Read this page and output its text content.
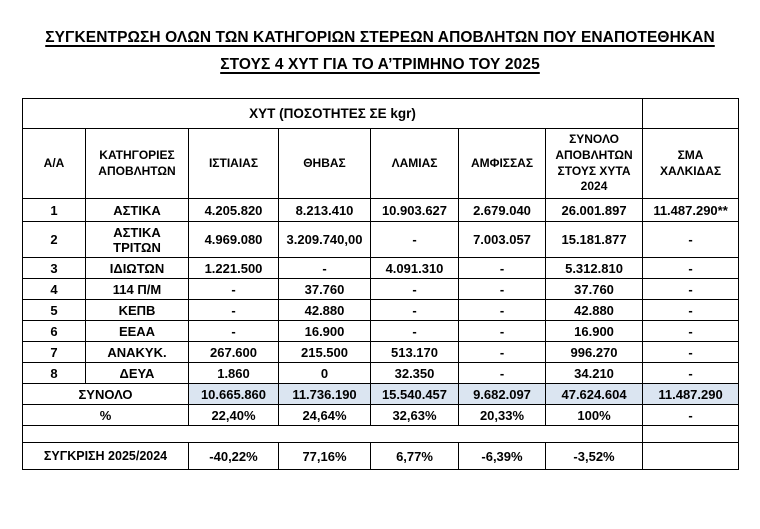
ΣΥΓΚΕΝΤΡΩΣΗ ΟΛΩΝ ΤΩΝ ΚΑΤΗΓΟΡΙΩΝ ΣΤΕΡΕΩΝ ΑΠΟΒΛΗΤΩΝ ΠΟΥ ΕΝΑΠΟΤΕΘΗΚΑΝ
ΣΤΟΥΣ 4 ΧΥΤ ΓΙΑ ΤΟ Α’ΤΡΙΜΗΝΟ ΤΟΥ 2025
ΧΥΤ (ΠΟΣΟΤΗΤΕΣ ΣΕ kgr)							
Α/Α	ΚΑΤΗΓΟΡΙΕΣ ΑΠΟΒΛΗΤΩΝ	ΙΣΤΙΑΙΑΣ	ΘΗΒΑΣ	ΛΑΜΙΑΣ	ΑΜΦΙΣΣΑΣ	ΣΥΝΟΛΟ ΑΠΟΒΛΗΤΩΝ ΣΤΟΥΣ ΧΥΤΑ 2024	ΣΜΑ ΧΑΛΚΙΔΑΣ
1	ΑΣΤΙΚΑ	4.205.820	8.213.410	10.903.627	2.679.040	26.001.897	11.487.290**
2	ΑΣΤΙΚΑ ΤΡΙΤΩΝ	4.969.080	3.209.740,00	-	7.003.057	15.181.877	-
3	ΙΔΙΩΤΩΝ	1.221.500	-	4.091.310	-	5.312.810	-
4	114 Π/Μ	-	37.760	-	-	37.760	-
5	ΚΕΠΒ	-	42.880	-	-	42.880	-
6	ΕΕΑΑ	-	16.900	-	-	16.900	-
7	ΑΝΑΚΥΚ.	267.600	215.500	513.170	-	996.270	-
8	ΔΕΥΑ	1.860	0	32.350	-	34.210	-
ΣΥΝΟΛΟ		10.665.860	11.736.190	15.540.457	9.682.097	47.624.604	11.487.290
%		22,40%	24,64%	32,63%	20,33%	100%	-

ΣΥΓΚΡΙΣΗ 2025/2024		-40,22%	77,16%	6,77%	-6,39%	-3,52%	
